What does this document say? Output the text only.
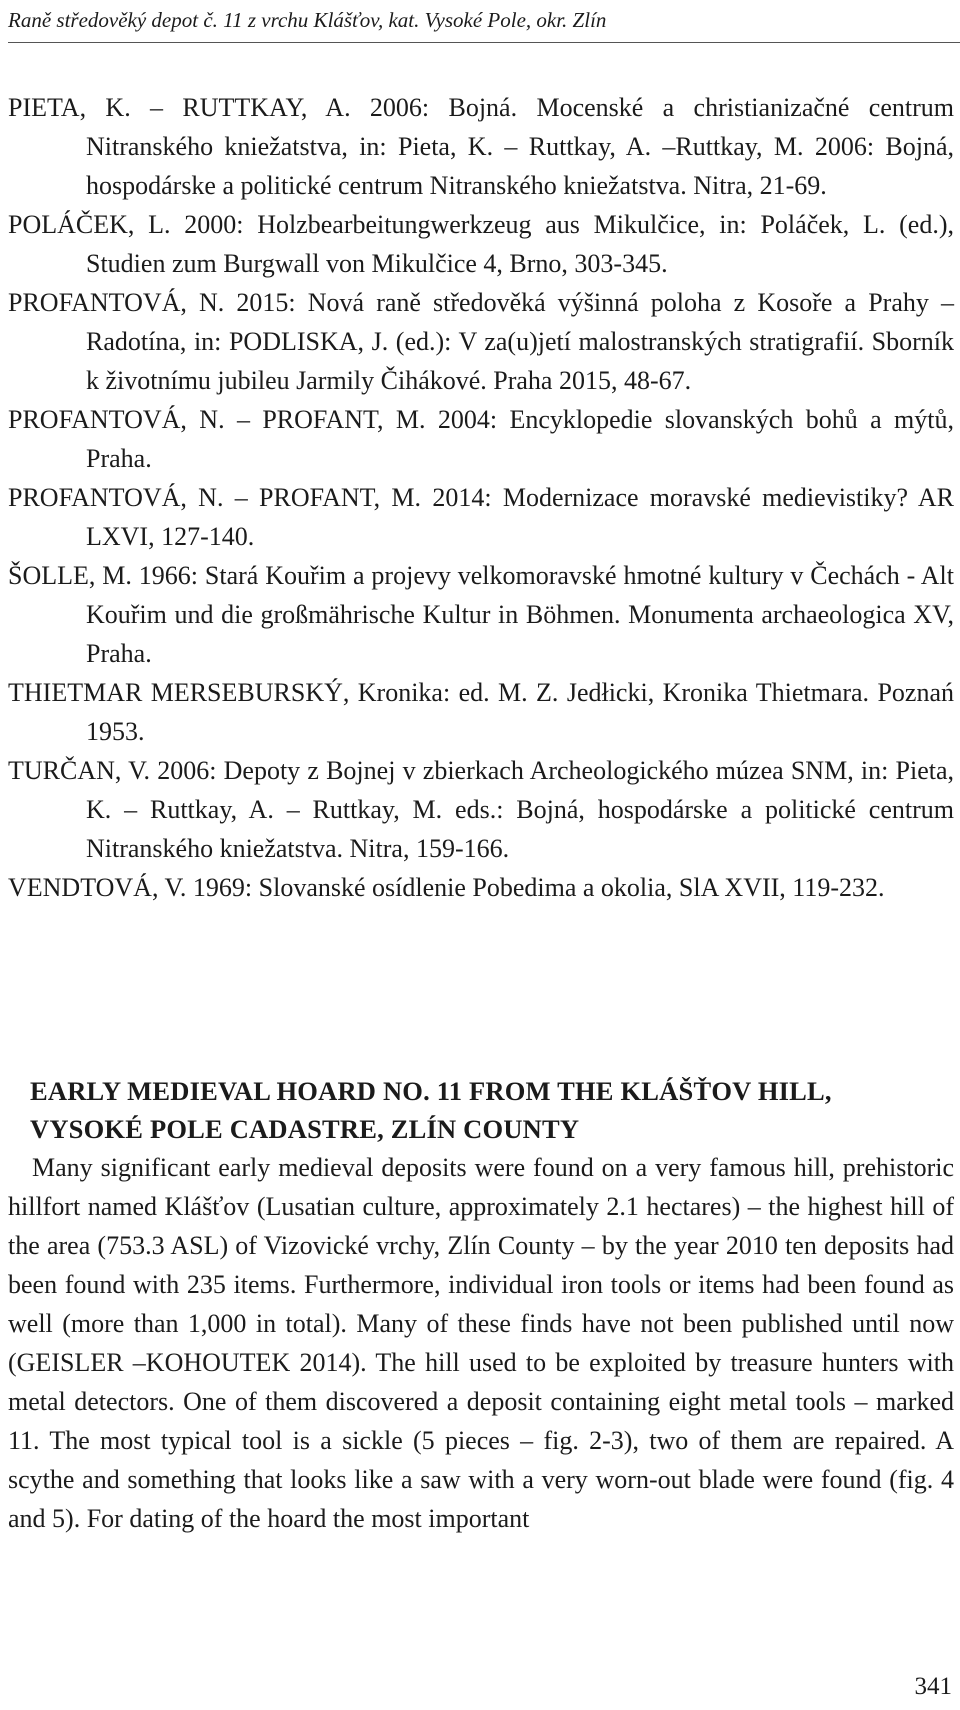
Raně středověký depot č. 11 z vrchu Klášťov, kat. Vysoké Pole, okr. Zlín

PIETA, K. – RUTTKAY, A. 2006: Bojná. Mocenské a christianizačné centrum Nitranského kniežatstva, in: Pieta, K. – Ruttkay, A. –Ruttkay, M. 2006: Bojná, hospodárske a politické centrum Nitranského kniežatstva. Nitra, 21-69.

POLÁČEK, L. 2000: Holzbearbeitungwerkzeug aus Mikulčice, in: Poláček, L. (ed.), Studien zum Burgwall von Mikulčice 4, Brno, 303-345.

PROFANTOVÁ, N. 2015: Nová raně středověká výšinná poloha z Kosoře a Prahy – Radotína, in: PODLISKA, J. (ed.): V za(u)jetí malostranských stratigrafií. Sborník k životnímu jubileu Jarmily Čihákové. Praha 2015, 48-67.

PROFANTOVÁ, N. – PROFANT, M. 2004: Encyklopedie slovanských bohů a mýtů, Praha.

PROFANTOVÁ, N. – PROFANT, M. 2014: Modernizace moravské medievistiky? AR LXVI, 127-140.

ŠOLLE, M. 1966: Stará Kouřim a projevy velkomoravské hmotné kultury v Čechách - Alt Kouřim und die großmährische Kultur in Böhmen. Monumenta archaeologica XV, Praha.

THIETMAR MERSEBURSKÝ, Kronika: ed. M. Z. Jedłicki, Kronika Thietmara. Poznań 1953.

TURČAN, V. 2006: Depoty z Bojnej v zbierkach Archeologického múzea SNM, in: Pieta, K. – Ruttkay, A. – Ruttkay, M. eds.: Bojná, hospodárske a politické centrum Nitranského kniežatstva. Nitra, 159-166.

VENDTOVÁ, V. 1969: Slovanské osídlenie Pobedima a okolia, SlA XVII, 119-232.

EARLY MEDIEVAL HOARD NO. 11 FROM THE KLÁŠŤOV HILL, VYSOKÉ POLE CADASTRE, ZLÍN COUNTY

Many significant early medieval deposits were found on a very famous hill, prehistoric hillfort named Klášťov (Lusatian culture, approximately 2.1 hectares) – the highest hill of the area (753.3 ASL) of Vizovické vrchy, Zlín County – by the year 2010 ten deposits had been found with 235 items. Furthermore, individual iron tools or items had been found as well (more than 1,000 in total). Many of these finds have not been published until now (GEISLER –KOHOUTEK 2014). The hill used to be exploited by treasure hunters with metal detectors. One of them discovered a deposit containing eight metal tools – marked 11. The most typical tool is a sickle (5 pieces – fig. 2-3), two of them are repaired. A scythe and something that looks like a saw with a very worn-out blade were found (fig. 4 and 5). For dating of the hoard the most important

341
